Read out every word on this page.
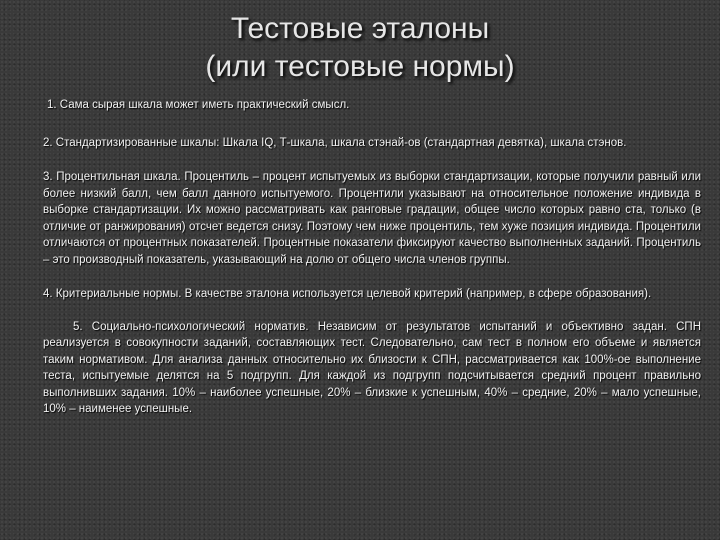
Тестовые эталоны
(или тестовые нормы)

1. Сама сырая шкала может иметь практический смысл.

2. Стандартизированные шкалы: Шкала IQ, Т-шкала, шкала стэнай-ов (стандартная девятка), шкала стэнов.

3. Процентильная шкала. Процентиль – процент испытуемых из выборки стандартизации, которые получили равный или более низкий балл, чем балл данного испытуемого. Процентили указывают на относительное положение индивида в выборке стандартизации. Их можно рассматривать как ранговые градации, общее число которых равно ста, только (в отличие от ранжирования) отсчет ведется снизу. Поэтому чем ниже процентиль, тем хуже позиция индивида. Процентили отличаются от процентных показателей. Процентные показатели фиксируют качество выполненных заданий. Процентиль – это производный показатель, указывающий на долю от общего числа членов группы.

4. Критериальные нормы. В качестве эталона используется целевой критерий (например, в сфере образования).

5. Социально-психологический норматив. Независим от результатов испытаний и объективно задан. СПН реализуется в совокупности заданий, составляющих тест. Следовательно, сам тест в полном его объеме и является таким нормативом. Для анализа данных относительно их близости к СПН, рассматривается как 100%-ое выполнение теста, испытуемые делятся на 5 подгрупп. Для каждой из подгрупп подсчитывается средний процент правильно выполнивших задания. 10% – наиболее успешные, 20% – близкие к успешным, 40% – средние, 20% – мало успешные, 10% – наименее успешные.
